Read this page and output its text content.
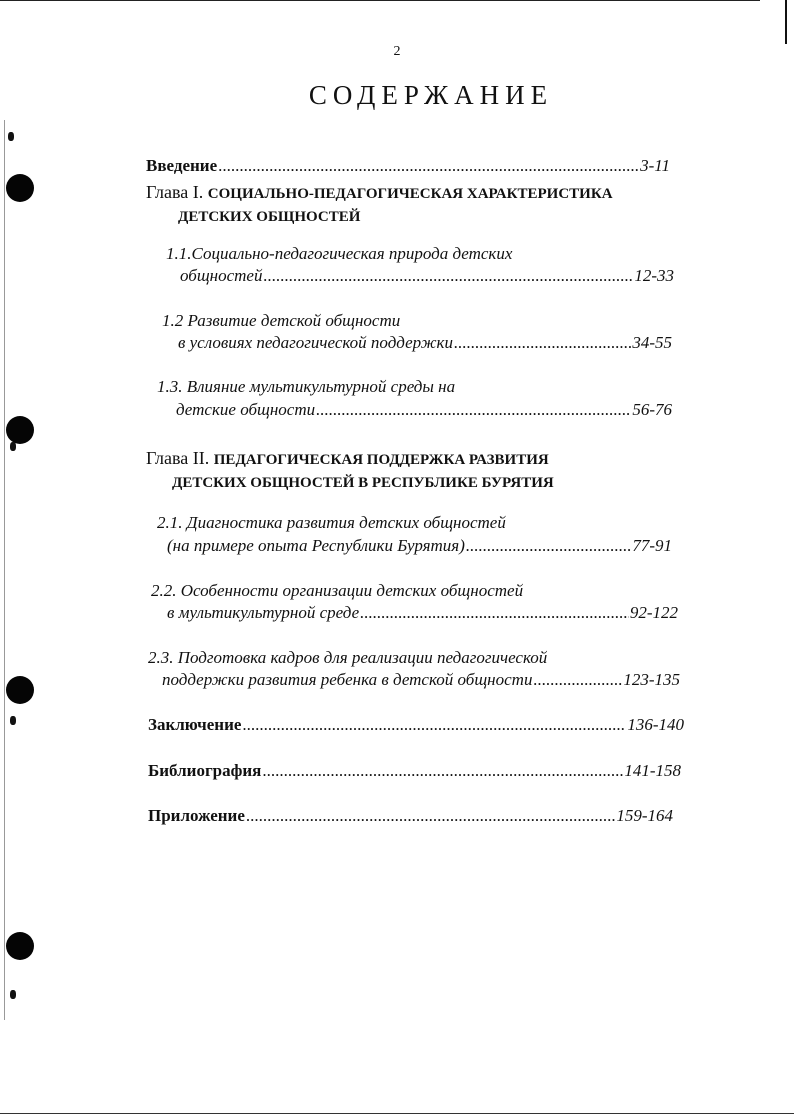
2
СОДЕРЖАНИЕ
Введение .....	3-11
Глава I. СОЦИАЛЬНО-ПЕДАГОГИЧЕСКАЯ ХАРАКТЕРИСТИКА
ДЕТСКИХ ОБЩНОСТЕЙ
1.1.Социально-педагогическая природа детских
общностей .....	12-33
1.2 Развитие детской общности
в условиях педагогической поддержки .....	34-55
1.3. Влияние мультикультурной среды на
детские общности .....	56-76
Глава II. ПЕДАГОГИЧЕСКАЯ ПОДДЕРЖКА РАЗВИТИЯ
ДЕТСКИХ ОБЩНОСТЕЙ В РЕСПУБЛИКЕ БУРЯТИЯ
2.1. Диагностика развития детских общностей
(на примере опыта Республики Бурятия) .....	77-91
2.2. Особенности организации детских общностей
в мультикультурной среде .....	92-122
2.3. Подготовка кадров для реализации педагогической
поддержки развития ребенка в детской общности .....	123-135
Заключение .....	136-140
Библиография .....	141-158
Приложение .....	159-164
